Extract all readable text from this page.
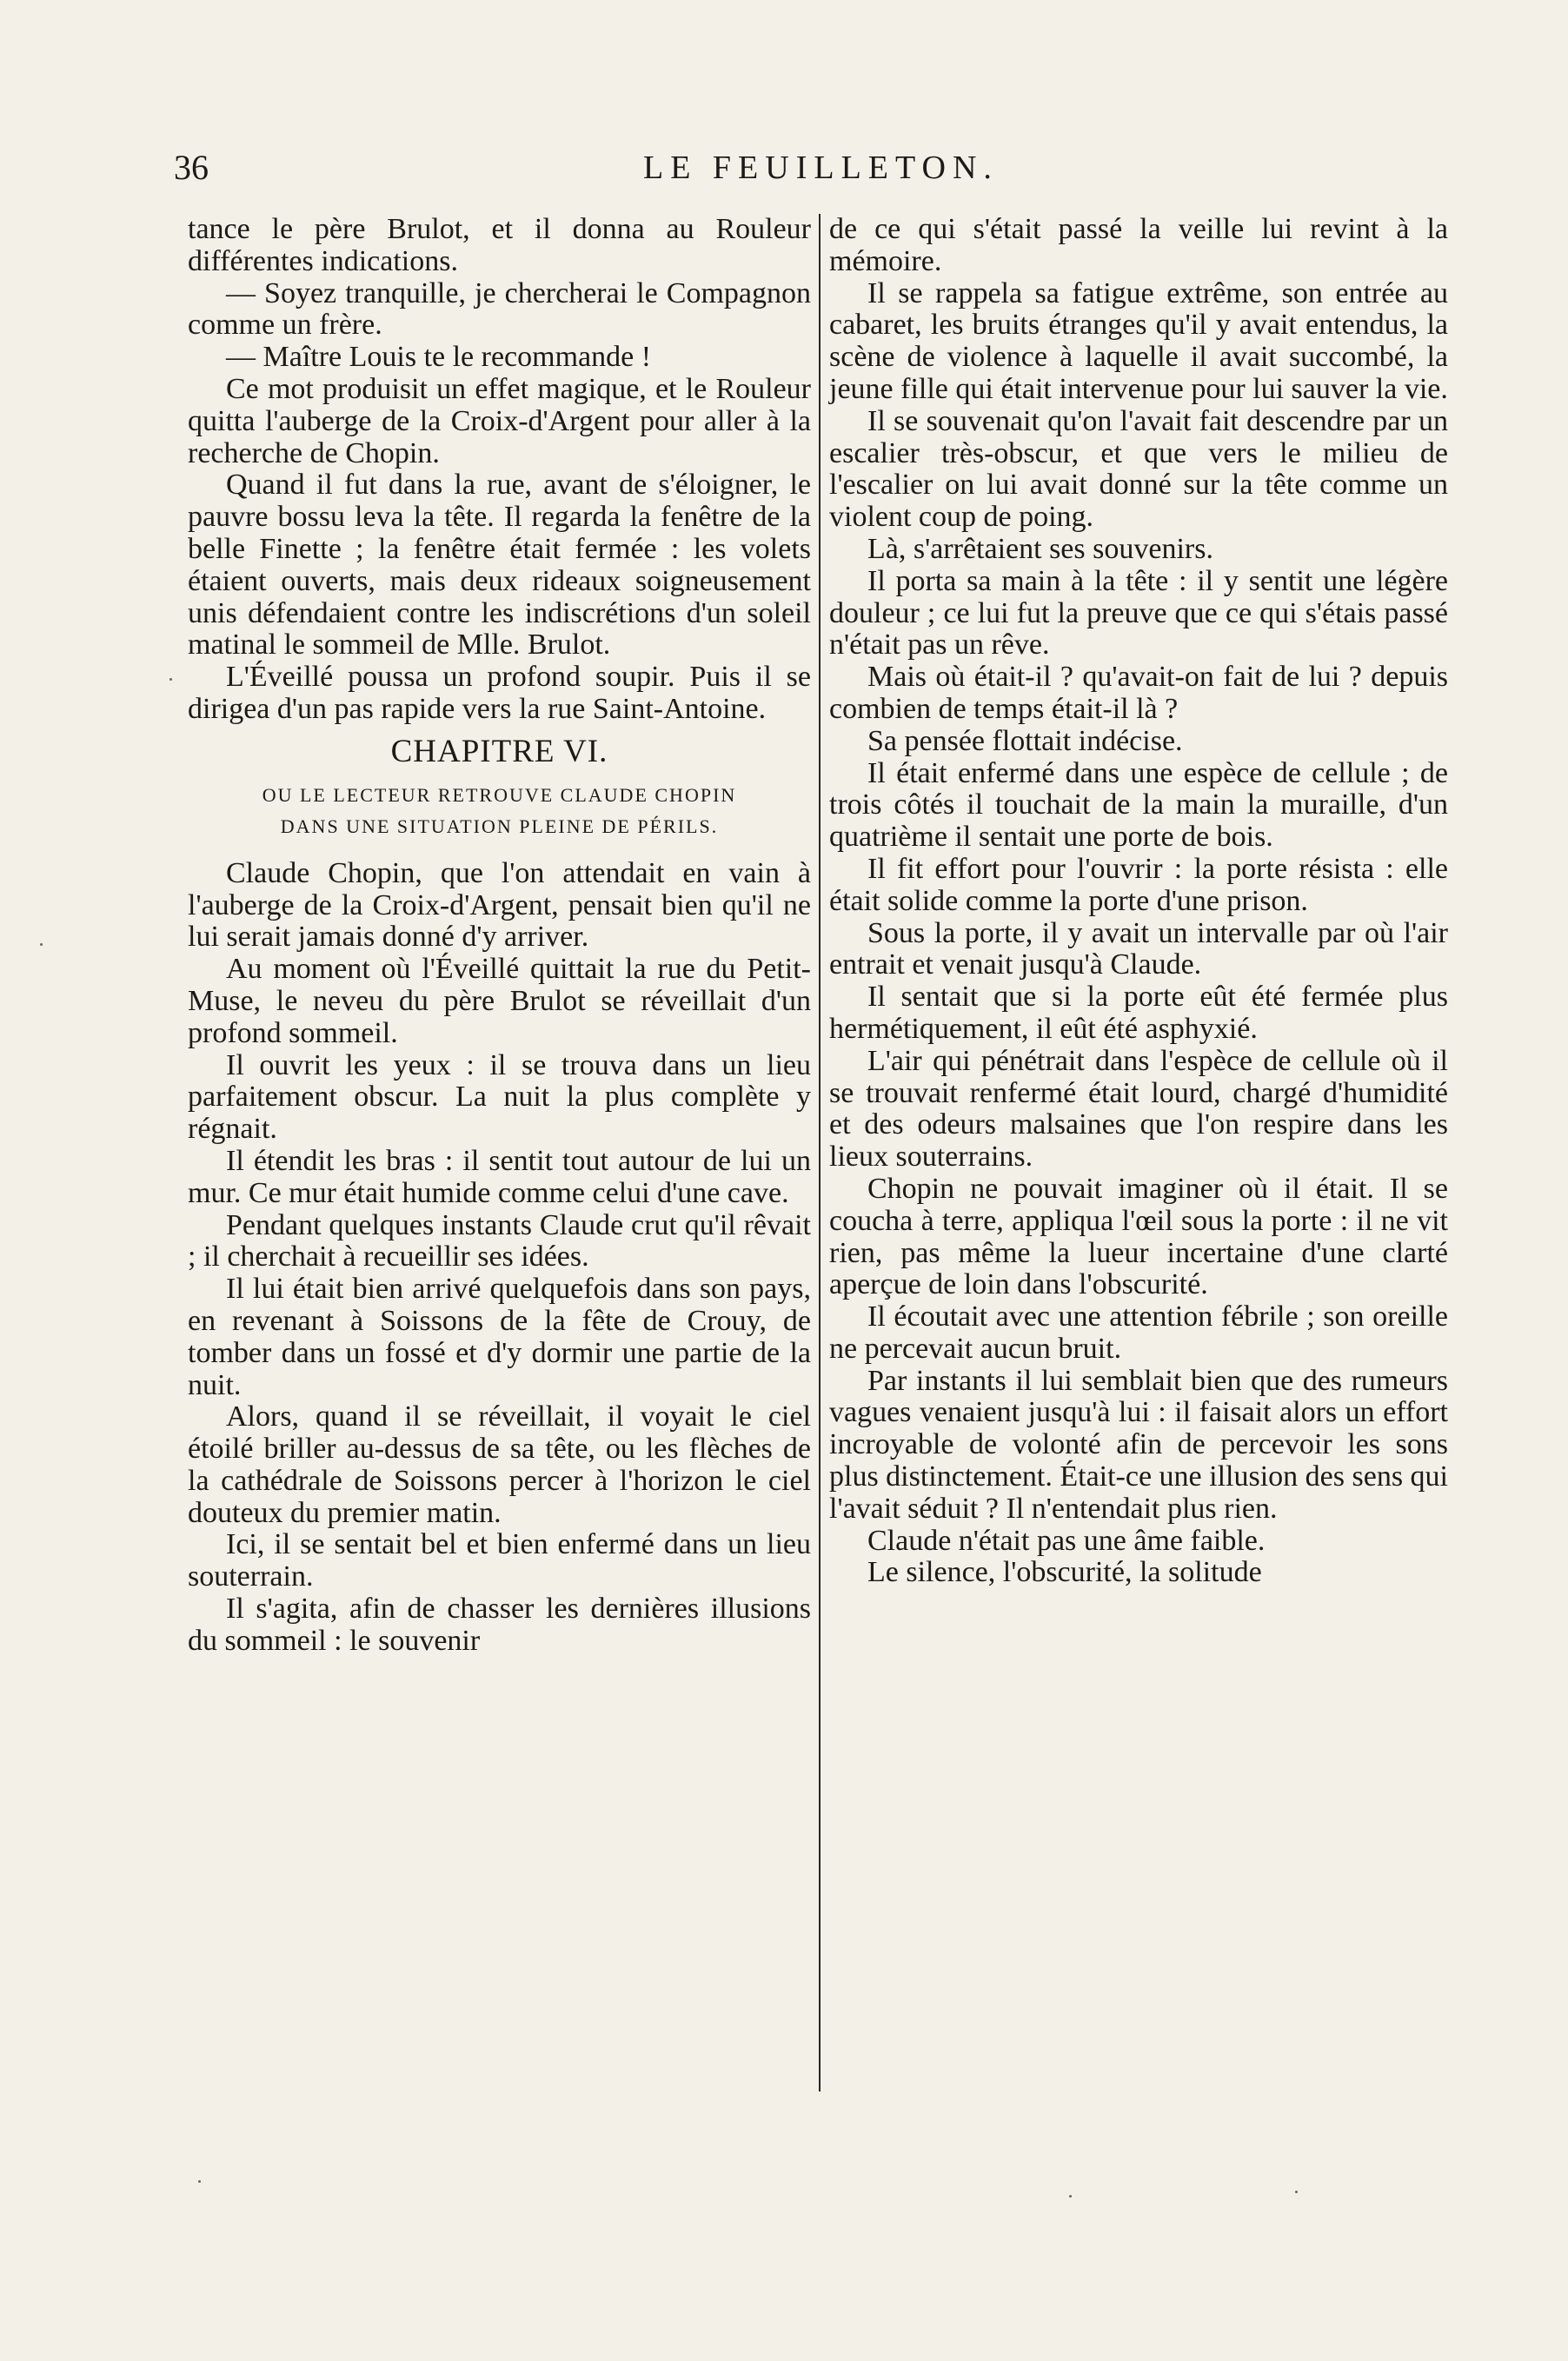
36	LE FEUILLETON.

tance le père Brulot, et il donna au Rouleur différentes indications.

— Soyez tranquille, je chercherai le Compagnon comme un frère.

— Maître Louis te le recommande !

Ce mot produisit un effet magique, et le Rouleur quitta l'auberge de la Croix-d'Argent pour aller à la recherche de Chopin.

Quand il fut dans la rue, avant de s'éloigner, le pauvre bossu leva la tête. Il regarda la fenêtre de la belle Finette ; la fenêtre était fermée : les volets étaient ouverts, mais deux rideaux soigneusement unis défendaient contre les indiscrétions d'un soleil matinal le sommeil de Mlle. Brulot.

L'Éveillé poussa un profond soupir. Puis il se dirigea d'un pas rapide vers la rue Saint-Antoine.

CHAPITRE VI.
OU LE LECTEUR RETROUVE CLAUDE CHOPIN DANS UNE SITUATION PLEINE DE PÉRILS.

Claude Chopin, que l'on attendait en vain à l'auberge de la Croix-d'Argent, pensait bien qu'il ne lui serait jamais donné d'y arriver.

Au moment où l'Éveillé quittait la rue du Petit-Muse, le neveu du père Brulot se réveillait d'un profond sommeil.

Il ouvrit les yeux : il se trouva dans un lieu parfaitement obscur. La nuit la plus complète y régnait.

Il étendit les bras : il sentit tout autour de lui un mur. Ce mur était humide comme celui d'une cave.

Pendant quelques instants Claude crut qu'il rêvait ; il cherchait à recueillir ses idées.

Il lui était bien arrivé quelquefois dans son pays, en revenant à Soissons de la fête de Crouy, de tomber dans un fossé et d'y dormir une partie de la nuit.

Alors, quand il se réveillait, il voyait le ciel étoilé briller au-dessus de sa tête, ou les flèches de la cathédrale de Soissons percer à l'horizon le ciel douteux du premier matin.

Ici, il se sentait bel et bien enfermé dans un lieu souterrain.

Il s'agita, afin de chasser les dernières illusions du sommeil : le souvenir

de ce qui s'était passé la veille lui revint à la mémoire.

Il se rappela sa fatigue extrême, son entrée au cabaret, les bruits étranges qu'il y avait entendus, la scène de violence à laquelle il avait succombé, la jeune fille qui était intervenue pour lui sauver la vie.

Il se souvenait qu'on l'avait fait descendre par un escalier très-obscur, et que vers le milieu de l'escalier on lui avait donné sur la tête comme un violent coup de poing.

Là, s'arrêtaient ses souvenirs.

Il porta sa main à la tête : il y sentit une légère douleur ; ce lui fut la preuve que ce qui s'étais passé n'était pas un rêve.

Mais où était-il ? qu'avait-on fait de lui ? depuis combien de temps était-il là ?

Sa pensée flottait indécise.

Il était enfermé dans une espèce de cellule ; de trois côtés il touchait de la main la muraille, d'un quatrième il sentait une porte de bois.

Il fit effort pour l'ouvrir : la porte résista : elle était solide comme la porte d'une prison.

Sous la porte, il y avait un intervalle par où l'air entrait et venait jusqu'à Claude.

Il sentait que si la porte eût été fermée plus hermétiquement, il eût été asphyxié.

L'air qui pénétrait dans l'espèce de cellule où il se trouvait renfermé était lourd, chargé d'humidité et des odeurs malsaines que l'on respire dans les lieux souterrains.

Chopin ne pouvait imaginer où il était. Il se coucha à terre, appliqua l'œil sous la porte : il ne vit rien, pas même la lueur incertaine d'une clarté aperçue de loin dans l'obscurité.

Il écoutait avec une attention fébrile ; son oreille ne percevait aucun bruit.

Par instants il lui semblait bien que des rumeurs vagues venaient jusqu'à lui : il faisait alors un effort incroyable de volonté afin de percevoir les sons plus distinctement. Était-ce une illusion des sens qui l'avait séduit ? Il n'entendait plus rien.

Claude n'était pas une âme faible.

Le silence, l'obscurité, la solitude
